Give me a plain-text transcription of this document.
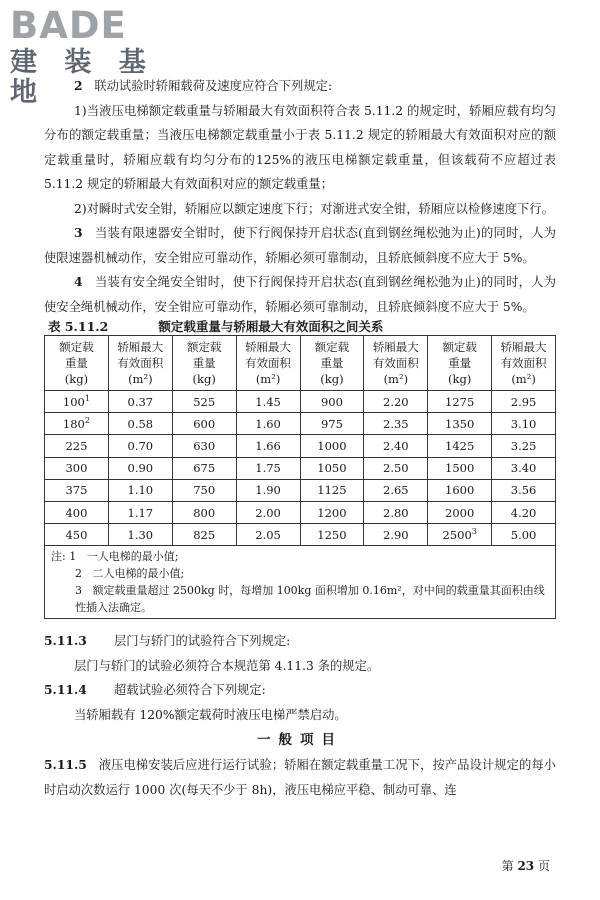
BADE
建 装 基 地	2 联动试验时轿厢载荷及速度应符合下列规定:

1)当液压电梯额定载重量与轿厢最大有效面积符合表 5.11.2 的规定时，轿厢应载有均匀分布的额定载重量；当液压电梯额定载重量小于表 5.11.2 规定的轿厢最大有效面积对应的额定载重量时，轿厢应载有均匀分布的125%的液压电梯额定载重量，但该载荷不应超过表 5.11.2 规定的轿厢最大有效面积对应的额定载重量；

2)对瞬时式安全钳，轿厢应以额定速度下行；对渐进式安全钳，轿厢应以检修速度下行。

3 当装有限速器安全钳时，使下行阀保持开启状态(直到钢丝绳松弛为止)的同时，人为使限速器机械动作，安全钳应可靠动作，轿厢必须可靠制动，且轿底倾斜度不应大于 5%。

4 当装有安全绳安全钳时，使下行阀保持开启状态(直到钢丝绳松弛为止)的同时，人为使安全绳机械动作，安全钳应可靠动作，轿厢必须可靠制动，且轿底倾斜度不应大于 5%。

表 5.11.2	额定载重量与轿厢最大有效面积之间关系

额定载
重量
(kg)	轿厢最大
有效面积
(m²)	额定载
重量
(kg)	轿厢最大
有效面积
(m²)	额定载
重量
(kg)	轿厢最大
有效面积
(m²)	额定载
重量
(kg)	轿厢最大
有效面积
(m²)
$100^1$	0.37	525	1.45	900	2.20	1275	2.95
$180^2$	0.58	600	1.60	975	2.35	1350	3.10
225	0.70	630	1.66	1000	2.40	1425	3.25
300	0.90	675	1.75	1050	2.50	1500	3.40
375	1.10	750	1.90	1125	2.65	1600	3.56
400	1.17	800	2.00	1200	2.80	2000	4.20
450	1.30	825	2.05	1250	2.90	2500$^3$	5.00

注: 1 一人电梯的最小值;
2 二人电梯的最小值;
3 额定载重量超过 2500kg 时，每增加 100kg 面积增加 0.16m²，对中间的载重量其面积由线性插入法确定。							

5.11.3 层门与轿门的试验符合下列规定:

层门与轿门的试验必须符合本规范第 4.11.3 条的规定。

5.11.4 超载试验必须符合下列规定:

当轿厢载有 120%额定载荷时液压电梯严禁启动。

一般项目

5.11.5 液压电梯安装后应进行运行试验；轿厢在额定载重量工况下，按产品设计规定的每小时启动次数运行 1000 次(每天不少于 8h)，液压电梯应平稳、制动可靠、连

第 23 页
